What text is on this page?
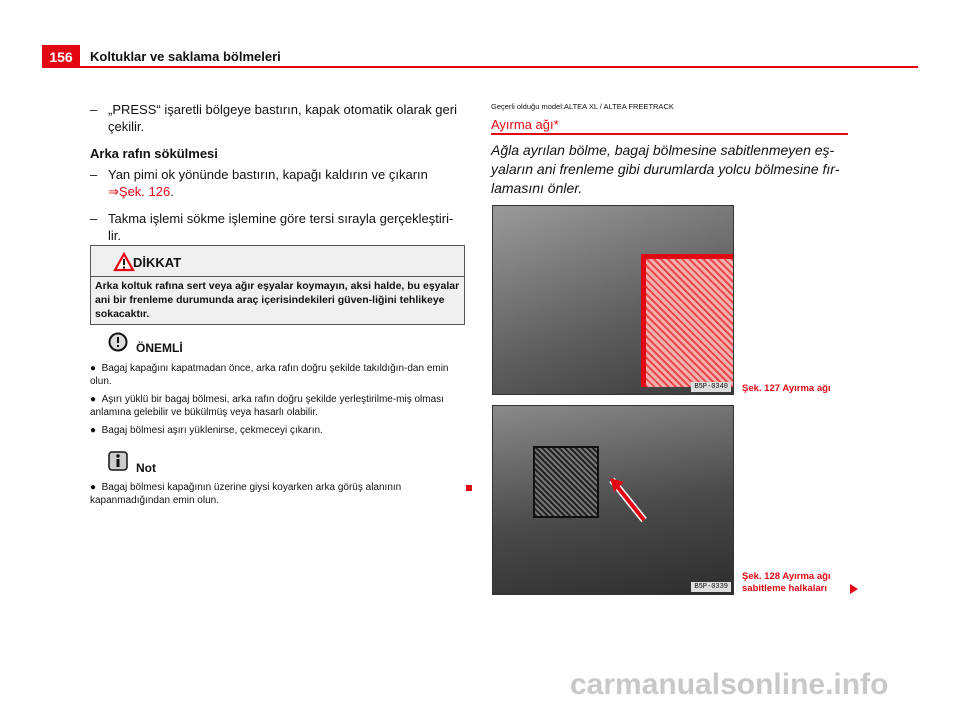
156	Koltuklar ve saklama bölmeleri
– „PRESS“ işaretli bölgeye bastırın, kapak otomatik olarak geri çekilir.
Arka rafın sökülmesi
– Yan pimi ok yönünde bastırın, kapağı kaldırın ve çıkarın
⇒Şek. 126.
– Takma işlemi sökme işlemine göre tersi sırayla gerçekleştiri-lir.
DİKKAT
Arka koltuk rafına sert veya ağır eşyalar koymayın, aksi halde, bu eşyalar ani bir frenleme durumunda araç içerisindekileri güven-liğini tehlikeye sokacaktır.
ÖNEMLİ
● Bagaj kapağını kapatmadan önce, arka rafın doğru şekilde takıldığın-dan emin olun.
● Aşırı yüklü bir bagaj bölmesi, arka rafın doğru şekilde yerleştirilme-miş olması anlamına gelebilir ve bükülmüş veya hasarlı olabilir.
● Bagaj bölmesi aşırı yüklenirse, çekmeceyi çıkarın.
Not
● Bagaj bölmesi kapağının üzerine giysi koyarken arka görüş alanının kapanmadığından emin olun.
Geçerli olduğu model:ALTEA XL / ALTEA FREETRACK
Ayırma ağı*
Ağla ayrılan bölme, bagaj bölmesine sabitlenmeyen eş-yaların ani frenleme gibi durumlarda yolcu bölmesine fır-lamasını önler.
B5P-0340	Şek. 127 Ayırma ağı
B5P-0339
Şek. 128 Ayırma ağı
sabitleme halkaları
carmanualsonline.info
